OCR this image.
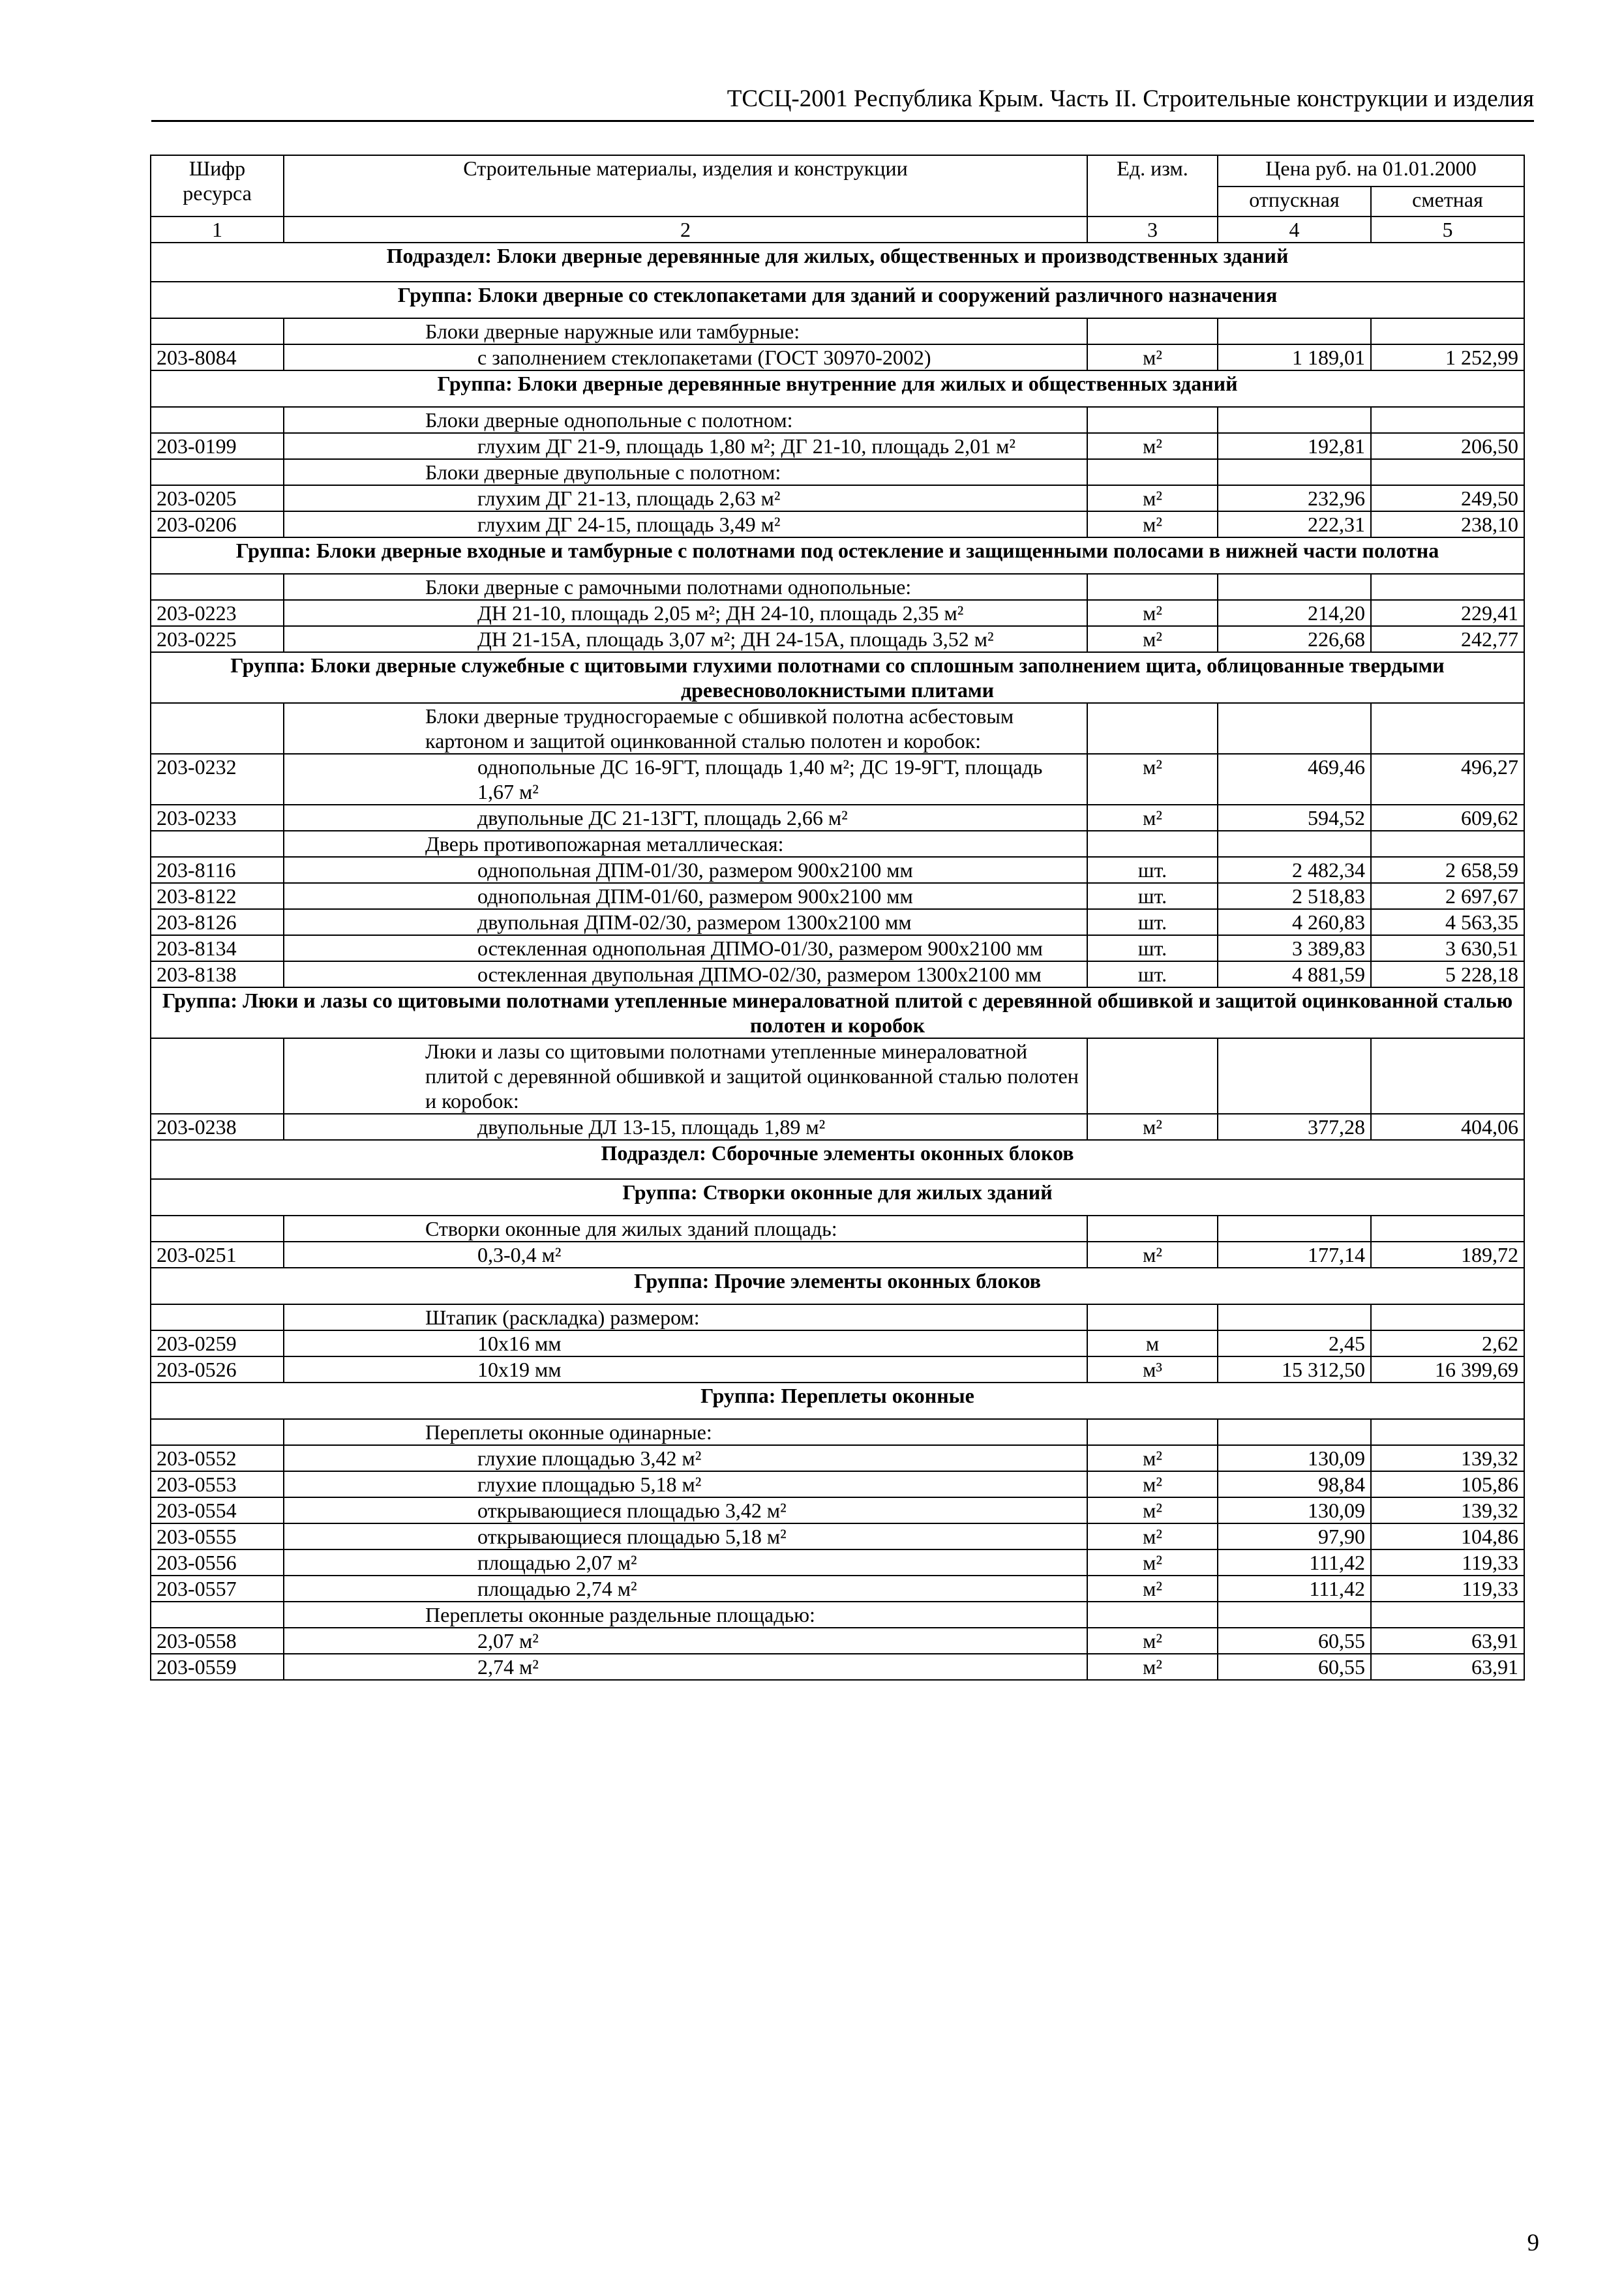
ТССЦ-2001 Республика Крым. Часть II. Строительные конструкции и изделия
Шифр ресурса	Строительные материалы, изделия и конструкции	Ед. изм.	Цена руб. на 01.01.2000	
			отпускная	сметная
1	2	3	4	5
Подраздел: Блоки дверные деревянные для жилых, общественных и производственных зданий				
Группа: Блоки дверные со стеклопакетами для зданий и сооружений различного назначения				
	Блоки дверные наружные или тамбурные:			
203-8084	с заполнением стеклопакетами (ГОСТ 30970-2002)	м²	1 189,01	1 252,99
Группа: Блоки дверные деревянные внутренние для жилых и общественных зданий				
	Блоки дверные однопольные с полотном:			
203-0199	глухим ДГ 21-9, площадь 1,80 м²; ДГ 21-10, площадь 2,01 м²	м²	192,81	206,50
	Блоки дверные двупольные с полотном:			
203-0205	глухим ДГ 21-13, площадь 2,63 м²	м²	232,96	249,50
203-0206	глухим ДГ 24-15, площадь 3,49 м²	м²	222,31	238,10
Группа: Блоки дверные входные и тамбурные с полотнами под остекление и защищенными полосами в нижней части полотна				
	Блоки дверные с рамочными полотнами однопольные:			
203-0223	ДН 21-10, площадь 2,05 м²; ДН 24-10, площадь 2,35 м²	м²	214,20	229,41
203-0225	ДН 21-15А, площадь 3,07 м²; ДН 24-15А, площадь 3,52 м²	м²	226,68	242,77
Группа: Блоки дверные служебные с щитовыми глухими полотнами со сплошным заполнением щита, облицованные твердыми древесноволокнистыми плитами				
	Блоки дверные трудносгораемые с обшивкой полотна асбестовым картоном и защитой оцинкованной сталью полотен и коробок:			
203-0232	однопольные ДС 16-9ГТ, площадь 1,40 м²; ДС 19-9ГТ, площадь 1,67 м²	м²	469,46	496,27
203-0233	двупольные ДС 21-13ГТ, площадь 2,66 м²	м²	594,52	609,62
	Дверь противопожарная металлическая:			
203-8116	однопольная ДПМ-01/30, размером 900х2100 мм	шт.	2 482,34	2 658,59
203-8122	однопольная ДПМ-01/60, размером 900х2100 мм	шт.	2 518,83	2 697,67
203-8126	двупольная ДПМ-02/30, размером 1300х2100 мм	шт.	4 260,83	4 563,35
203-8134	остекленная однопольная ДПМО-01/30, размером 900х2100 мм	шт.	3 389,83	3 630,51
203-8138	остекленная двупольная ДПМО-02/30, размером 1300х2100 мм	шт.	4 881,59	5 228,18
Группа: Люки и лазы со щитовыми полотнами утепленные минераловатной плитой с деревянной обшивкой и защитой оцинкованной сталью полотен и коробок				
	Люки и лазы со щитовыми полотнами утепленные минераловатной плитой с деревянной обшивкой и защитой оцинкованной сталью полотен и коробок:			
203-0238	двупольные ДЛ 13-15, площадь 1,89 м²	м²	377,28	404,06
Подраздел: Сборочные элементы оконных блоков				
Группа: Створки оконные для жилых зданий				
	Створки оконные для жилых зданий площадь:			
203-0251	0,3-0,4 м²	м²	177,14	189,72
Группа: Прочие элементы оконных блоков				
	Штапик (раскладка) размером:			
203-0259	10х16 мм	м	2,45	2,62
203-0526	10х19 мм	м³	15 312,50	16 399,69
Группа: Переплеты оконные				
	Переплеты оконные одинарные:			
203-0552	глухие площадью 3,42 м²	м²	130,09	139,32
203-0553	глухие площадью 5,18 м²	м²	98,84	105,86
203-0554	открывающиеся площадью 3,42 м²	м²	130,09	139,32
203-0555	открывающиеся площадью 5,18 м²	м²	97,90	104,86
203-0556	площадью 2,07 м²	м²	111,42	119,33
203-0557	площадью 2,74 м²	м²	111,42	119,33
	Переплеты оконные раздельные площадью:			
203-0558	2,07 м²	м²	60,55	63,91
203-0559	2,74 м²	м²	60,55	63,91
9
